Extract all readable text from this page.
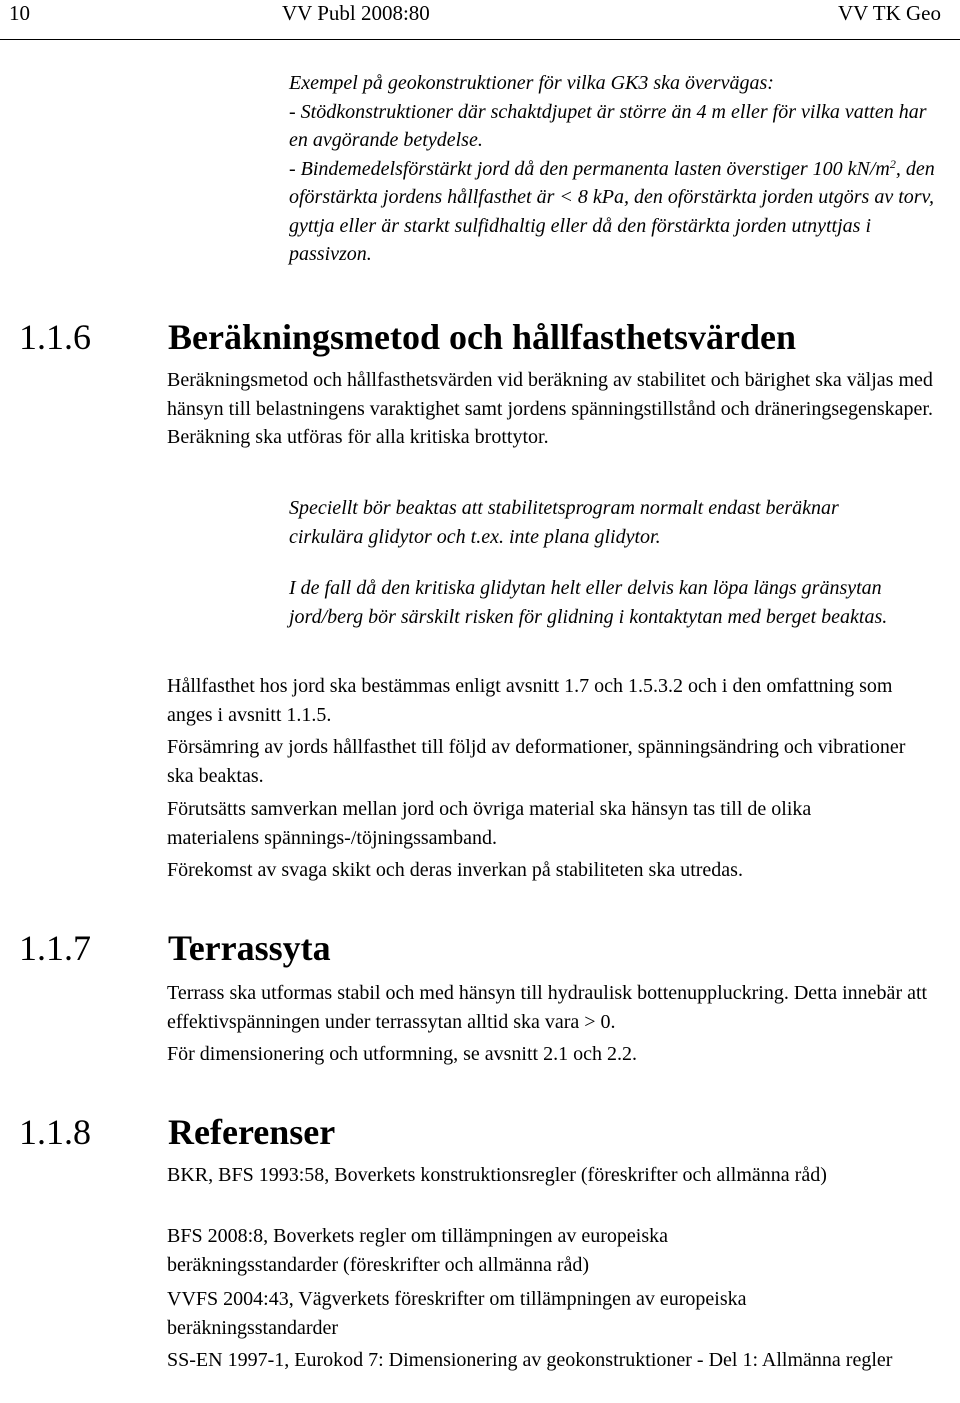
10	VV Publ 2008:80	VV TK Geo

Exempel på geokonstruktioner för vilka GK3 ska övervägas:

- Stödkonstruktioner där schaktdjupet är större än 4 m eller för vilka vatten har en avgörande betydelse.

- Bindemedelsförstärkt jord då den permanenta lasten överstiger 100 $kN/m^2$, den oförstärkta jordens hållfasthet är < 8 kPa, den oförstärkta jorden utgörs av torv, gyttja eller är starkt sulfidhaltig eller då den förstärkta jorden utnyttjas i passivzon.

1.1.6 Beräkningsmetod och hållfasthetsvärden

Beräkningsmetod och hållfasthetsvärden vid beräkning av stabilitet och bärighet ska väljas med hänsyn till belastningens varaktighet samt jordens spänningstillstånd och dräneringsegenskaper. Beräkning ska utföras för alla kritiska brottytor.

Speciellt bör beaktas att stabilitetsprogram normalt endast beräknar cirkulära glidytor och t.ex. inte plana glidytor.

I de fall då den kritiska glidytan helt eller delvis kan löpa längs gränsytan jord/berg bör särskilt risken för glidning i kontaktytan med berget beaktas.

Hållfasthet hos jord ska bestämmas enligt avsnitt 1.7 och 1.5.3.2 och i den omfattning som anges i avsnitt 1.1.5.

Försämring av jords hållfasthet till följd av deformationer, spänningsändring och vibrationer ska beaktas.

Förutsätts samverkan mellan jord och övriga material ska hänsyn tas till de olika materialens spännings-/töjningssamband.

Förekomst av svaga skikt och deras inverkan på stabiliteten ska utredas.

1.1.7 Terrassyta

Terrass ska utformas stabil och med hänsyn till hydraulisk bottenuppluckring. Detta innebär att effektivspänningen under terrassytan alltid ska vara > 0.

För dimensionering och utformning, se avsnitt 2.1 och 2.2.

1.1.8 Referenser

BKR, BFS 1993:58, Boverkets konstruktionsregler (föreskrifter och allmänna råd)

BFS 2008:8, Boverkets regler om tillämpningen av europeiska beräkningsstandarder (föreskrifter och allmänna råd)

VVFS 2004:43, Vägverkets föreskrifter om tillämpningen av europeiska beräkningsstandarder

SS-EN 1997-1, Eurokod 7: Dimensionering av geokonstruktioner - Del 1: Allmänna regler
